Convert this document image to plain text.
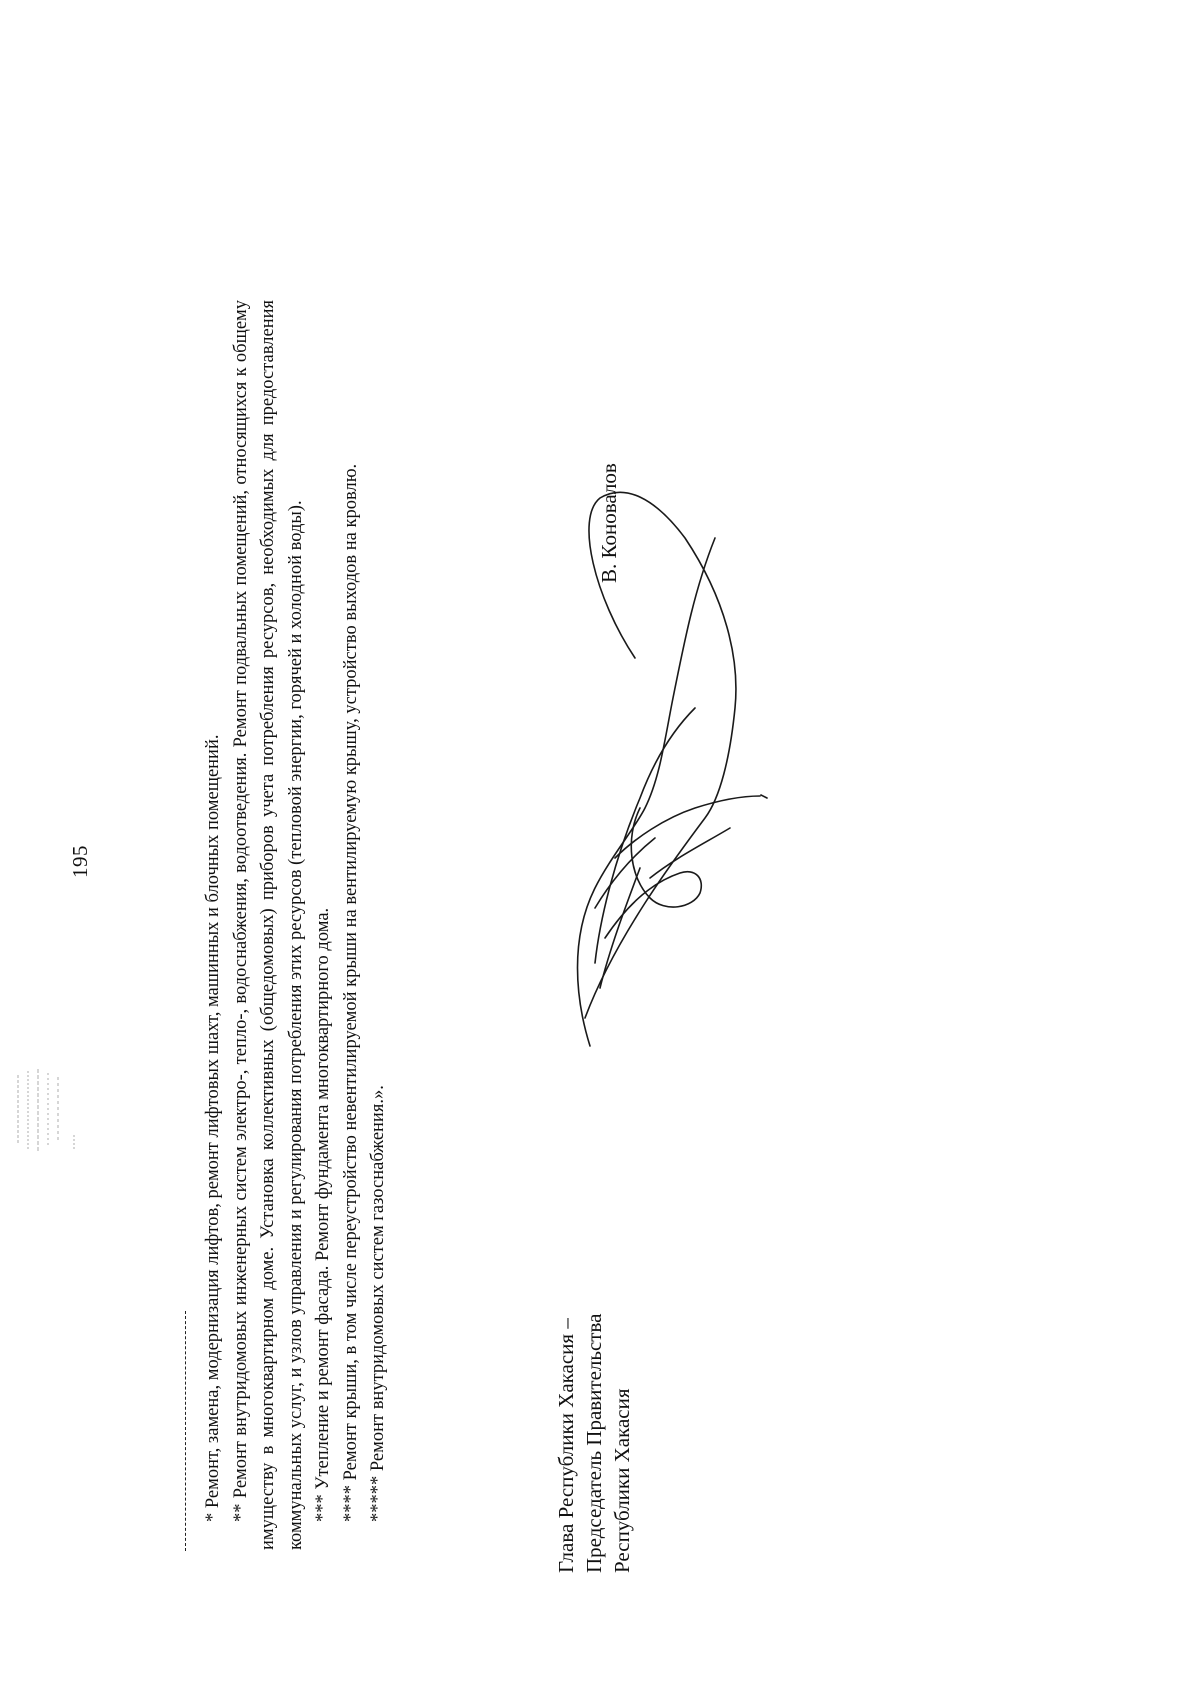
195	* Ремонт, замена, модернизация лифтов, ремонт лифтовых шахт, машинных и блочных помещений. ** Ремонт внутридомовых инженерных систем электро-, тепло-, водоснабжения, водоотведения. Ремонт подвальных помещений, относящихся к общему имуществу в многоквартирном доме. Установка коллективных (общедомовых) приборов учета потребления ресурсов, необходимых для предоставления коммунальных услуг, и узлов управления и регулирования потребления этих ресурсов (тепловой энергии, горячей и холодной воды). *** Утепление и ремонт фасада. Ремонт фундамента многоквартирного дома. **** Ремонт крыши, в том числе переустройство невентилируемой крыши на вентилируемую крышу, устройство выходов на кровлю. ***** Ремонт внутридомовых систем газоснабжения.».	Глава Республики Хакасия – Председатель Правительства Республики Хакасия
В. Коновалов
